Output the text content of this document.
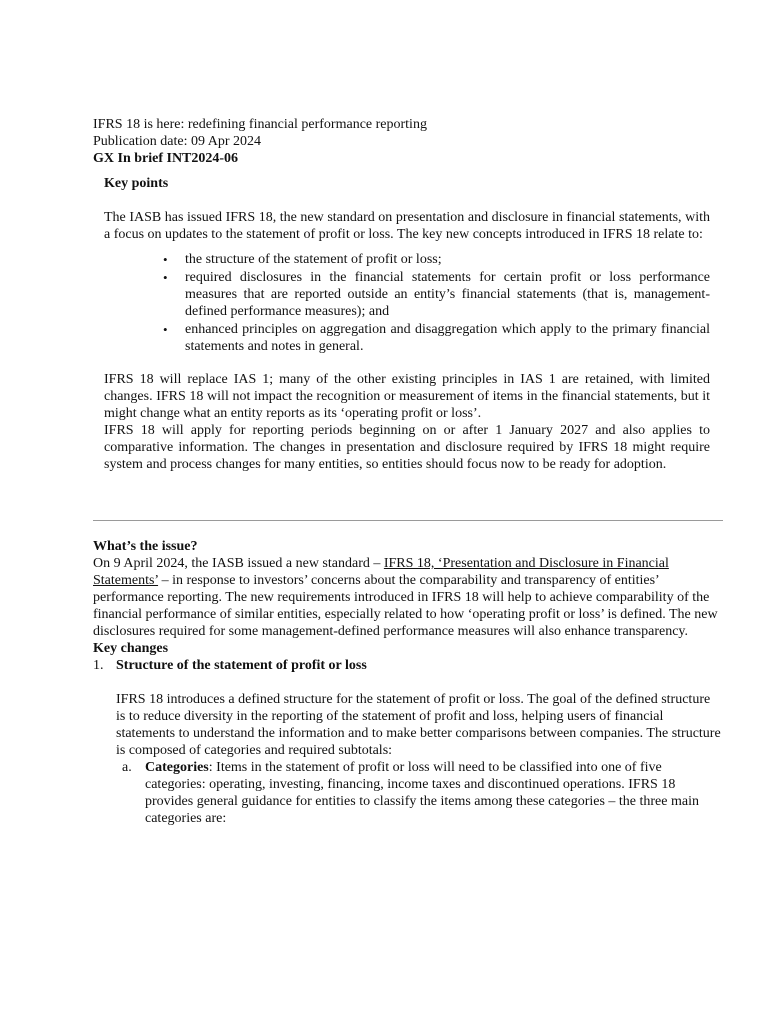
IFRS 18 is here: redefining financial performance reporting

Publication date: 09 Apr 2024

GX In brief INT2024-06

Key points

The IASB has issued IFRS 18, the new standard on presentation and disclosure in financial statements, with a focus on updates to the statement of profit or loss. The key new concepts introduced in IFRS 18 relate to:

• the structure of the statement of profit or loss;
• required disclosures in the financial statements for certain profit or loss performance measures that are reported outside an entity’s financial statements (that is, management-defined performance measures); and
• enhanced principles on aggregation and disaggregation which apply to the primary financial statements and notes in general.

IFRS 18 will replace IAS 1; many of the other existing principles in IAS 1 are retained, with limited changes. IFRS 18 will not impact the recognition or measurement of items in the financial statements, but it might change what an entity reports as its ‘operating profit or loss’.

IFRS 18 will apply for reporting periods beginning on or after 1 January 2027 and also applies to comparative information. The changes in presentation and disclosure required by IFRS 18 might require system and process changes for many entities, so entities should focus now to be ready for adoption.

What’s the issue?

On 9 April 2024, the IASB issued a new standard – IFRS 18, ‘Presentation and Disclosure in Financial Statements’ – in response to investors’ concerns about the comparability and transparency of entities’ performance reporting. The new requirements introduced in IFRS 18 will help to achieve comparability of the financial performance of similar entities, especially related to how ‘operating profit or loss’ is defined. The new disclosures required for some management-defined performance measures will also enhance transparency.

Key changes

1. Structure of the statement of profit or loss

IFRS 18 introduces a defined structure for the statement of profit or loss. The goal of the defined structure is to reduce diversity in the reporting of the statement of profit and loss, helping users of financial statements to understand the information and to make better comparisons between companies. The structure is composed of categories and required subtotals:

a. Categories: Items in the statement of profit or loss will need to be classified into one of five categories: operating, investing, financing, income taxes and discontinued operations. IFRS 18 provides general guidance for entities to classify the items among these categories – the three main categories are:
